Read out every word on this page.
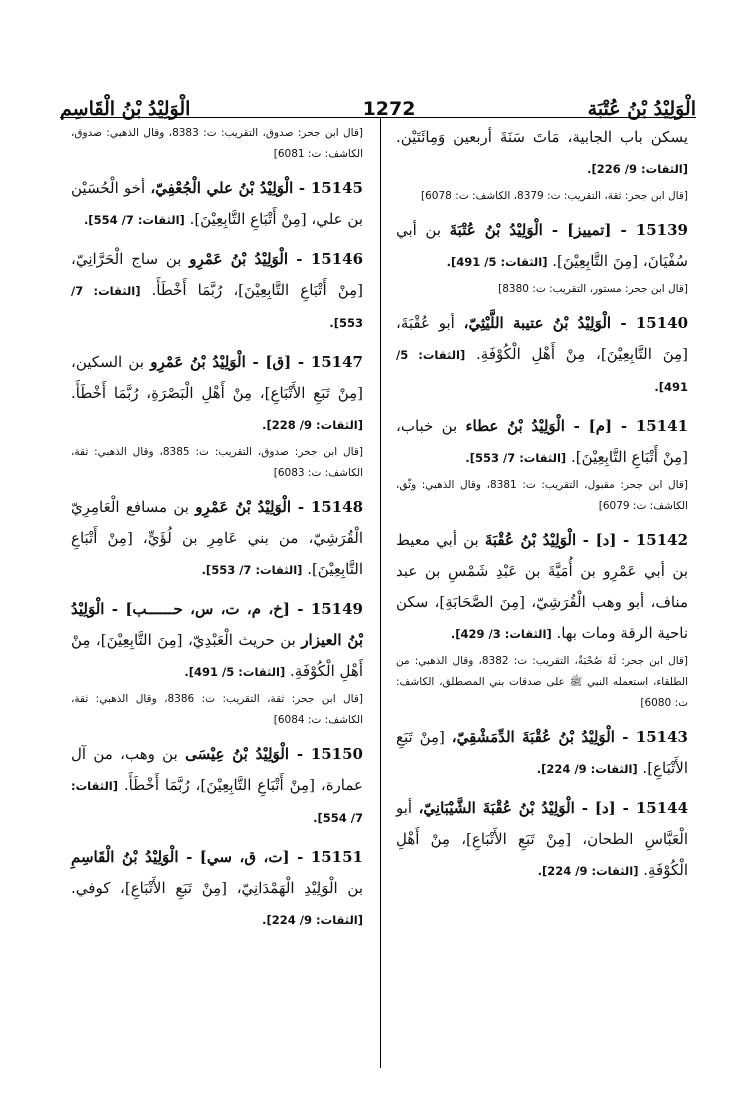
الْوَلِيْدُ بْنُ عُتْبَة
1272
الْوَلِيْدُ بْنُ الْقَاسِم

يسكن باب الجابية، مَاتَ سَنَةَ أربعين وَمِائَتَيْن. [الثقات: 9/ 226].

[قال ابن جحر: ثقة، التقريب: ت: 8379، الكاشف: ت: 6078]

15139 - [تمييز] - الْوَلِيْدُ بْنُ عُتْبَةَ بن أبي سُفْيَانَ، [مِنَ التَّابِعِيْنَ]. [الثقات: 5/ 491].

[قال ابن جحر: مستور، التقريب: ت: 8380]

15140 - الْوَلِيْدُ بْنُ عتيبة اللَّيْثِيّ، أبو عُقْبَةَ، [مِنَ التَّابِعِيْنَ]، مِنْ أَهْلِ الْكُوْفَةِ. [الثقات: 5/ 491].

15141 - [م] - الْوَلِيْدُ بْنُ عطاء بن خباب، [مِنْ أَتْبَاعِ التَّابِعِيْنَ]. [الثقات: 7/ 553].

[قال ابن جحر: مقبول، التقريب: ت: 8381، وقال الذهبي: وثّق، الكاشف: ت: 6079]

15142 - [د] - الْوَلِيْدُ بْنُ عُقْبَةَ بن أبي معيط بن أبي عَمْرِو بن أُمَيَّةَ بن عَبْدِ شَمْسِ بن عبد مناف، أبو وهب الْقُرَشِيّ، [مِنَ الصَّحَابَةِ]، سكن ناحية الرقة ومات بها. [الثقات: 3/ 429].

[قال ابن جحر: لَهُ صُحْبَةٌ، التقريب: ت: 8382، وقال الذهبي: من الطلقاء، استعمله النبي ﷺ على صدقات بني المصطلق، الكاشف: ت: 6080]

15143 - الْوَلِيْدُ بْنُ عُقْبَةَ الدِّمَشْقِيّ، [مِنْ تَبَعِ الأَتْبَاعِ]. [الثقات: 9/ 224].

15144 - [د] - الْوَلِيْدُ بْنُ عُقْبَةَ الشَّيْبَانِيّ، أبو الْعَبَّاسِ الطحان، [مِنْ تَبَعِ الأَتْبَاعِ]، مِنْ أَهْلِ الْكُوْفَةِ. [الثقات: 9/ 224].

[قال ابن جحر: صدوق، التقريب: ت: 8383، وقال الذهبي: صدوق، الكاشف: ت: 6081]

15145 - الْوَلِيْدُ بْنُ علي الْجُعْفِيّ، أخو الْحُسَيْن بن علي، [مِنْ أَتْبَاعِ التَّابِعِيْنَ]. [الثقات: 7/ 554].

15146 - الْوَلِيْدُ بْنُ عَمْرِو بن ساج الْحَرَّانِيّ، [مِنْ أَتْبَاعِ التَّابِعِيْنَ]، رُبَّمَا أَخْطَأَ. [الثقات: 7/ 553].

15147 - [ق] - الْوَلِيْدُ بْنُ عَمْرِو بن السكين، [مِنْ تَبَعِ الأَتْبَاعِ]، مِنْ أَهْلِ الْبَصْرَةِ، رُبَّمَا أَخْطَأَ. [الثقات: 9/ 228].

[قال ابن جحر: صدوق، التقريب: ت: 8385، وقال الذهبي: ثقة، الكاشف: ت: 6083]

15148 - الْوَلِيْدُ بْنُ عَمْرِو بن مسافع الْعَامِرِيّ الْقُرَشِيّ، من بني عَامِرِ بن لُؤَيٍّ، [مِنْ أَتْبَاعِ التَّابِعِيْنَ]. [الثقات: 7/ 553].

15149 - [خ، م، ت، س، حــــــب] - الْوَلِيْدُ بْنُ العيزار بن حريث الْعَبْدِيّ، [مِنَ التَّابِعِيْنَ]، مِنْ أَهْلِ الْكُوْفَةِ. [الثقات: 5/ 491].

[قال ابن جحر: ثقة، التقريب: ت: 8386، وقال الذهبي: ثقة، الكاشف: ت: 6084]

15150 - الْوَلِيْدُ بْنُ عِيْسَى بن وهب، من آل عمارة، [مِنْ أَتْبَاعِ التَّابِعِيْنَ]، رُبَّمَا أَخْطَأَ. [الثقات: 7/ 554].

15151 - [ت، ق، سي] - الْوَلِيْدُ بْنُ الْقَاسِمِ بن الْوَلِيْدِ الْهَمْدَانِيّ، [مِنْ تَبَعِ الأَتْبَاعِ]، كوفي. [الثقات: 9/ 224].
